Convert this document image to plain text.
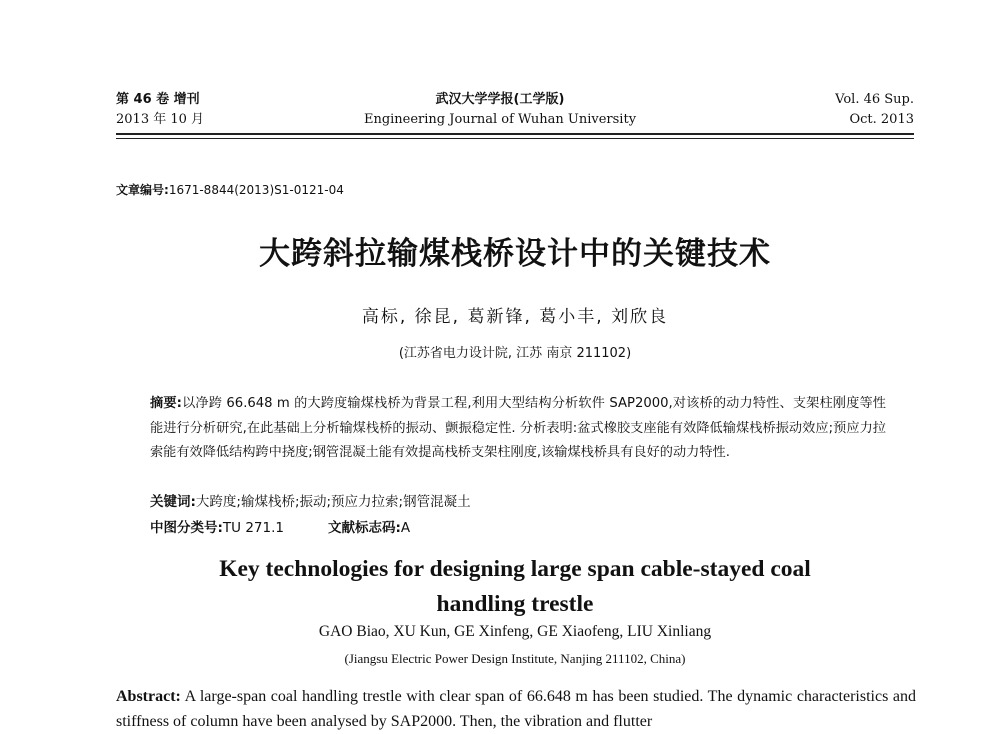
第 46 卷 增刊
2013 年 10 月
武汉大学学报(工学版)
Engineering Journal of Wuhan University
Vol. 46 Sup.
Oct. 2013
文章编号:1671-8844(2013)S1-0121-04
大跨斜拉输煤栈桥设计中的关键技术
高标, 徐昆, 葛新锋, 葛小丰, 刘欣良
(江苏省电力设计院, 江苏 南京 211102)
摘要:以净跨 66.648 m 的大跨度输煤栈桥为背景工程,利用大型结构分析软件 SAP2000,对该桥的动力特性、支架柱刚度等性能进行分析研究,在此基础上分析输煤栈桥的振动、颤振稳定性. 分析表明:盆式橡胶支座能有效降低输煤栈桥振动效应;预应力拉索能有效降低结构跨中挠度;钢管混凝土能有效提高栈桥支架柱刚度,该输煤栈桥具有良好的动力特性.
关键词:大跨度;输煤栈桥;振动;预应力拉索;钢管混凝土
中图分类号:TU 271.1	文献标志码:A
Key technologies for designing large span cable-stayed coal handling trestle
GAO Biao, XU Kun, GE Xinfeng, GE Xiaofeng, LIU Xinliang
(Jiangsu Electric Power Design Institute, Nanjing 211102, China)
Abstract: A large-span coal handling trestle with clear span of 66.648 m has been studied. The dynamic characteristics and stiffness of column have been analysed by SAP2000. Then, the vibration and flutter
